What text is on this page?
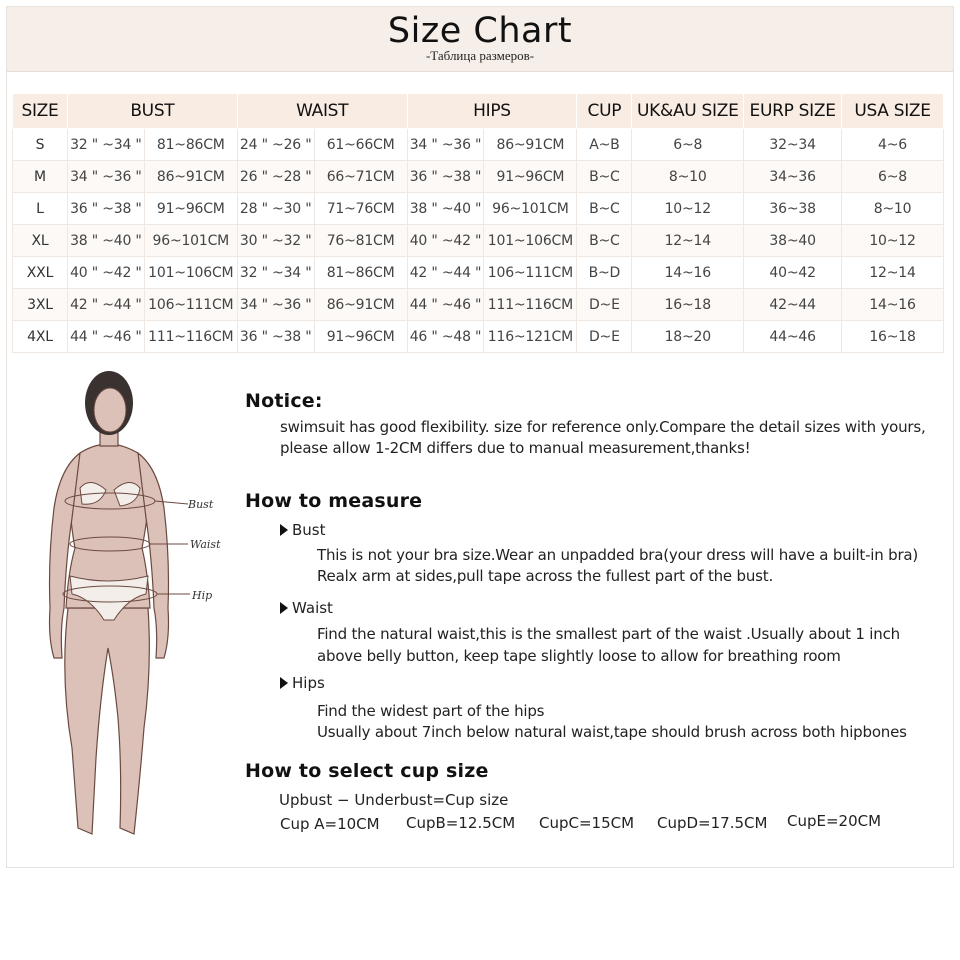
Size Chart
-Таблица размеров-
SIZE	BUST		WAIST		HIPS		CUP	UK&AU SIZE	EURP SIZE	USA SIZE
S	32 " ~34 "	81~86CM	24 " ~26 "	61~66CM	34 " ~36 "	86~91CM	A~B	6~8	32~34	4~6
M	34 " ~36 "	86~91CM	26 " ~28 "	66~71CM	36 " ~38 "	91~96CM	B~C	8~10	34~36	6~8
L	36 " ~38 "	91~96CM	28 " ~30 "	71~76CM	38 " ~40 "	96~101CM	B~C	10~12	36~38	8~10
XL	38 " ~40 "	96~101CM	30 " ~32 "	76~81CM	40 " ~42 "	101~106CM	B~C	12~14	38~40	10~12
XXL	40 " ~42 "	101~106CM	32 " ~34 "	81~86CM	42 " ~44 "	106~111CM	B~D	14~16	40~42	12~14
3XL	42 " ~44 "	106~111CM	34 " ~36 "	86~91CM	44 " ~46 "	111~116CM	D~E	16~18	42~44	14~16
4XL	44 " ~46 "	111~116CM	36 " ~38 "	91~96CM	46 " ~48 "	116~121CM	D~E	18~20	44~46	16~18
Bust
Waist
Hip
Notice:
swimsuit has good flexibility. size for reference only.Compare the detail sizes with yours,
please allow 1-2CM differs due to manual measurement,thanks!
How to measure
Bust
This is not your bra size.Wear an unpadded bra(your dress will have a built-in bra)
Realx arm at sides,pull tape across the fullest part of the bust.
Waist
Find the natural waist,this is the smallest part of the waist .Usually about 1 inch
above belly button, keep tape slightly loose to allow for breathing room
Hips
Find the widest part of the hips
Usually about 7inch below natural waist,tape should brush across both hipbones
How to select cup size
Upbust − Underbust=Cup size
Cup A=10CM CupB=12.5CM CupC=15CM CupD=17.5CM CupE=20CM
